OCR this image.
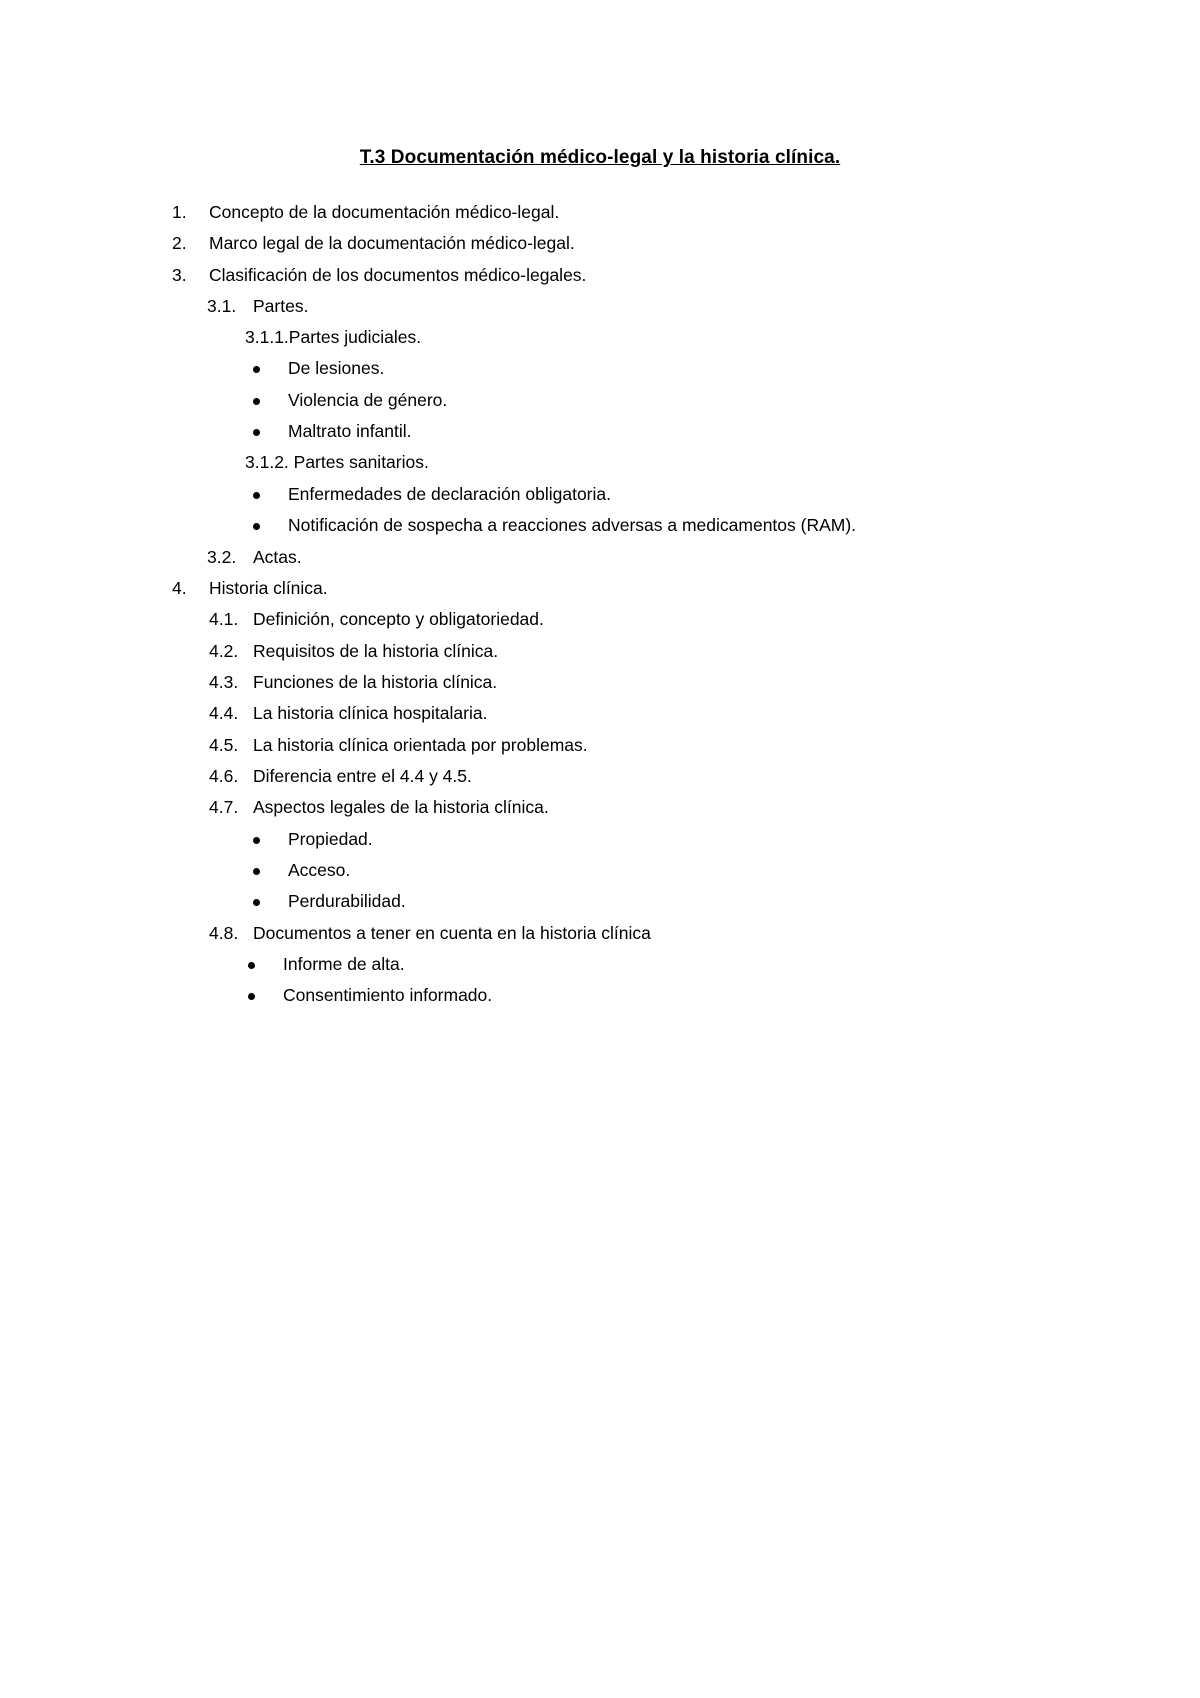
T.3 Documentación médico-legal y la historia clínica.
1. Concepto de la documentación médico-legal.
2. Marco legal de la documentación médico-legal.
3. Clasificación de los documentos médico-legales.
3.1. Partes.
3.1.1.Partes judiciales.
De lesiones.
Violencia de género.
Maltrato infantil.
3.1.2. Partes sanitarios.
Enfermedades de declaración obligatoria.
Notificación de sospecha a reacciones adversas a medicamentos (RAM).
3.2. Actas.
4. Historia clínica.
4.1. Definición, concepto y obligatoriedad.
4.2. Requisitos de la historia clínica.
4.3. Funciones de la historia clínica.
4.4. La historia clínica hospitalaria.
4.5. La historia clínica orientada por problemas.
4.6. Diferencia entre el 4.4 y 4.5.
4.7. Aspectos legales de la historia clínica.
Propiedad.
Acceso.
Perdurabilidad.
4.8. Documentos a tener en cuenta en la historia clínica
Informe de alta.
Consentimiento informado.
